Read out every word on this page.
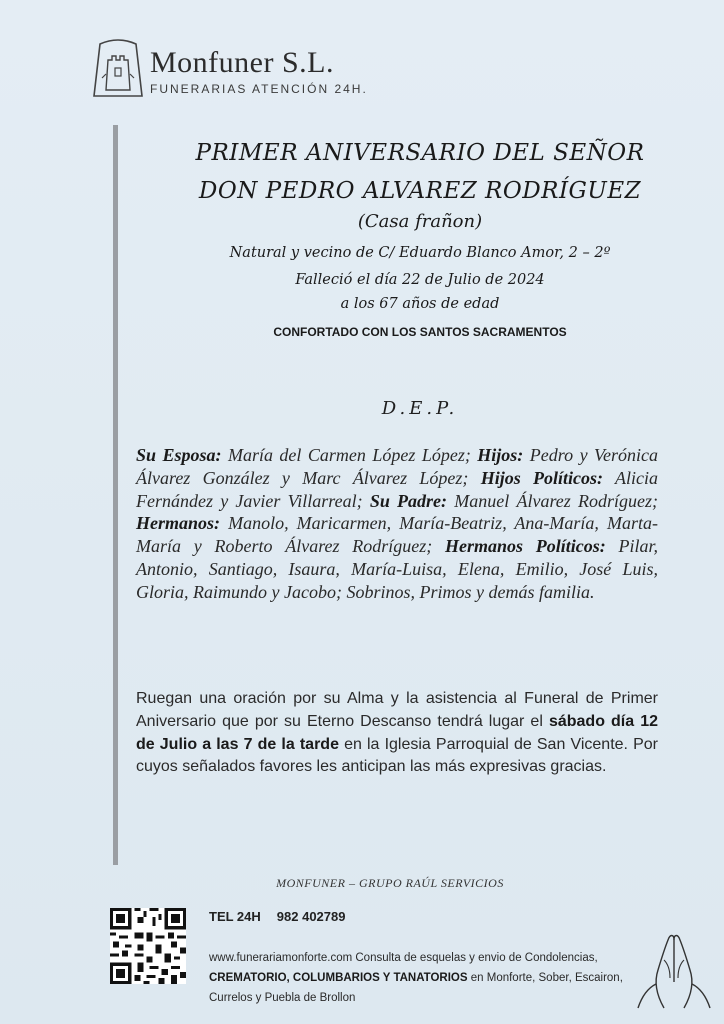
Monfuner S.L.
FUNERARIAS ATENCIÓN 24H.
PRIMER ANIVERSARIO DEL SEÑOR
DON PEDRO ALVAREZ RODRÍGUEZ
(Casa frañon)
Natural y vecino de C/ Eduardo Blanco Amor, 2 – 2º
Falleció el día 22 de Julio de 2024
a los 67 años de edad
CONFORTADO CON LOS SANTOS SACRAMENTOS
D.E.P.
Su Esposa: María del Carmen López López; Hijos: Pedro y Verónica Álvarez González y Marc Álvarez López; Hijos Políticos: Alicia Fernández y Javier Villarreal; Su Padre: Manuel Álvarez Rodríguez; Hermanos: Manolo, Maricarmen, María-Beatriz, Ana-María, Marta-María y Roberto Álvarez Rodríguez; Hermanos Políticos: Pilar, Antonio, Santiago, Isaura, María-Luisa, Elena, Emilio, José Luis, Gloria, Raimundo y Jacobo; Sobrinos, Primos y demás familia.
Ruegan una oración por su Alma y la asistencia al Funeral de Primer Aniversario que por su Eterno Descanso tendrá lugar el sábado día 12 de Julio a las 7 de la tarde en la Iglesia Parroquial de San Vicente. Por cuyos señalados favores les anticipan las más expresivas gracias.
MONFUNER – GRUPO RAÚL SERVICIOS
TEL 24H 982 402789
www.funerariamonforte.com Consulta de esquelas y envio de Condolencias, CREMATORIO, COLUMBARIOS Y TANATORIOS en Monforte, Sober, Escairon, Currelos y Puebla de Brollon
